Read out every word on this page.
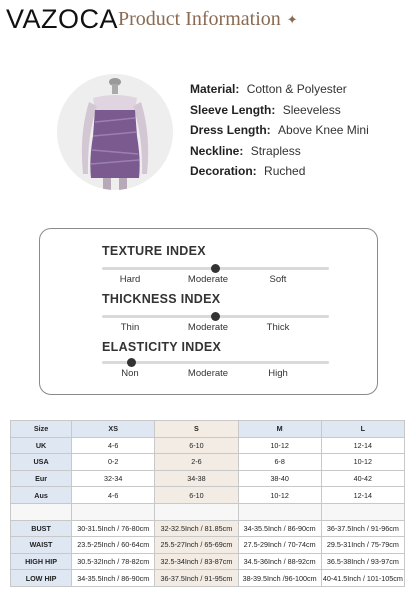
VAZOCA Product Information ✦
Material: Cotton & Polyester
Sleeve Length: Sleeveless
Dress Length: Above Knee Mini
Neckline: Strapless
Decoration: Ruched
TEXTURE INDEX
Hard	Moderate	Soft
THICKNESS INDEX
Thin	Moderate	Thick
ELASTICITY INDEX
Non	Moderate	High
Size	XS	S	M	L
UK	4-6	6-10	10-12	12-14
USA	0-2	2-6	6-8	10-12
Eur	32-34	34-38	38-40	40-42
Aus	4-6	6-10	10-12	12-14

BUST	30-31.5Inch / 76-80cm	32-32.5Inch / 81.85cm	34-35.5Inch / 86-90cm	36-37.5Inch / 91-96cm
WAIST	23.5-25Inch / 60-64cm	25.5-27Inch / 65-69cm	27.5-29Inch / 70-74cm	29.5-31Inch / 75-79cm
HIGH HIP	30.5-32Inch / 78-82cm	32.5-34Inch / 83-87cm	34.5-36Inch / 88-92cm	36.5-38Inch / 93-97cm
LOW HIP	34-35.5Inch / 86-90cm	36-37.5Inch / 91-95cm	38-39.5Inch /96-100cm	40-41.5Inch / 101-105cm
